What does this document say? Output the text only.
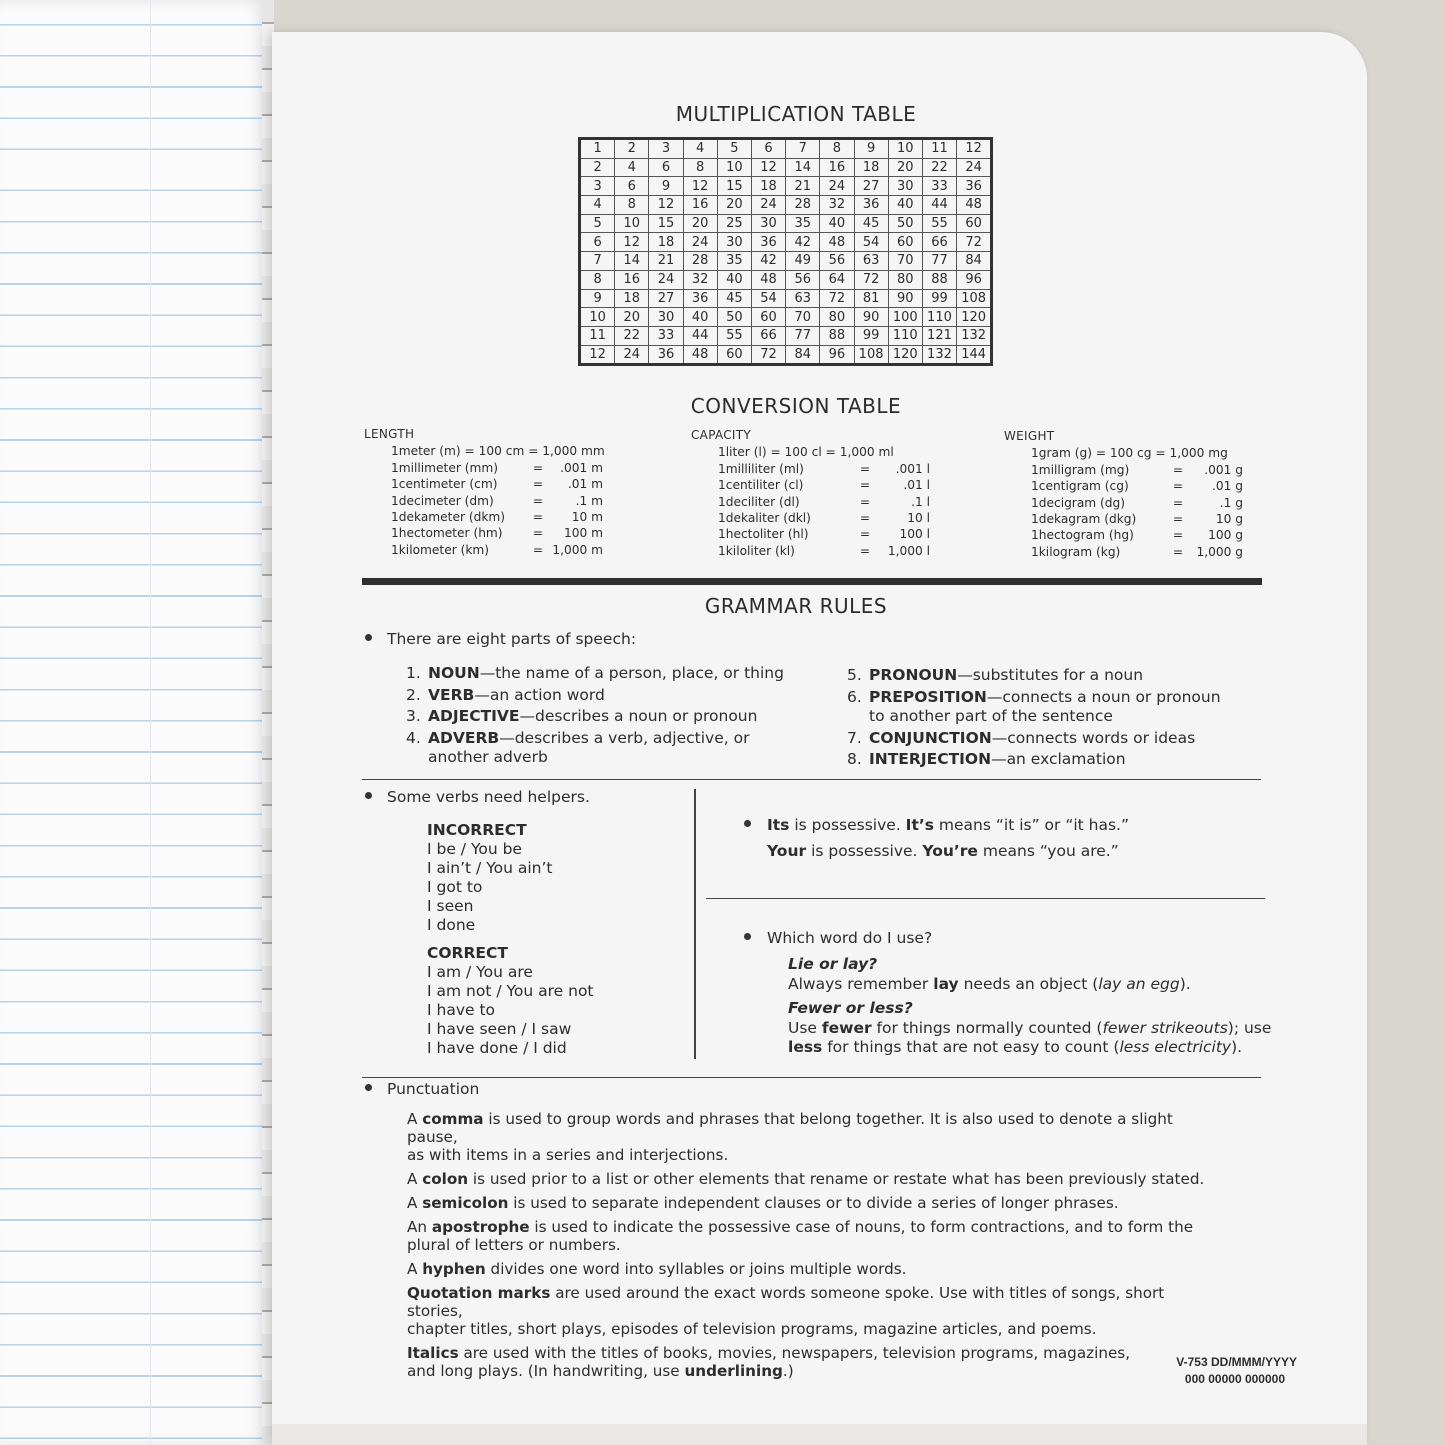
MULTIPLICATION TABLE
1	2	3	4	5	6	7	8	9	10	11	12
2	4	6	8	10	12	14	16	18	20	22	24
3	6	9	12	15	18	21	24	27	30	33	36
4	8	12	16	20	24	28	32	36	40	44	48
5	10	15	20	25	30	35	40	45	50	55	60
6	12	18	24	30	36	42	48	54	60	66	72
7	14	21	28	35	42	49	56	63	70	77	84
8	16	24	32	40	48	56	64	72	80	88	96
9	18	27	36	45	54	63	72	81	90	99	108
10	20	30	40	50	60	70	80	90	100	110	120
11	22	33	44	55	66	77	88	99	110	121	132
12	24	36	48	60	72	84	96	108	120	132	144
CONVERSION TABLE
LENGTH
1meter (m) = 100 cm = 1,000 mm
1millimeter (mm)	=	.001 m
1centimeter (cm)	=	.01 m
1decimeter (dm)	=	.1 m
1dekameter (dkm)	=	10 m
1hectometer (hm)	=	100 m
1kilometer (km)	= 1,000 m
CAPACITY
1liter (l) = 100 cl = 1,000 ml
1milliliter (ml)	=	.001 l
1centiliter (cl)	=	.01 l
1deciliter (dl)	=	.1 l
1dekaliter (dkl)	=	10 l
1hectoliter (hl)	=	100 l
1kiloliter (kl)	=	1,000 l
WEIGHT
1gram (g) = 100 cg = 1,000 mg
1milligram (mg)	=	.001 g
1centigram (cg)	=	.01 g
1decigram (dg)	=	.1 g
1dekagram (dkg)	=	10 g
1hectogram (hg)	=	100 g
1kilogram (kg)	=	1,000 g
GRAMMAR RULES
There are eight parts of speech:
1. NOUN—the name of a person, place, or thing
2. VERB—an action word
3. ADJECTIVE—describes a noun or pronoun
4. ADVERB—describes a verb, adjective, or
another adverb
5. PRONOUN—substitutes for a noun
6. PREPOSITION—connects a noun or pronoun
to another part of the sentence
7. CONJUNCTION—connects words or ideas
8. INTERJECTION—an exclamation
Some verbs need helpers.
INCORRECT
I be / You be
I ain’t / You ain’t
I got to
I seen
I done
CORRECT
I am / You are
I am not / You are not
I have to
I have seen / I saw
I have done / I did
Its is possessive. It’s means “it is” or “it has.”
Your is possessive. You’re means “you are.”
Which word do I use?
Lie or lay?
Always remember lay needs an object (lay an egg).
Fewer or less?
Use fewer for things normally counted (fewer strikeouts); use
less for things that are not easy to count (less electricity).
Punctuation

A comma is used to group words and phrases that belong together. It is also used to denote a slight pause,
as with items in a series and interjections.

A colon is used prior to a list or other elements that rename or restate what has been previously stated.

A semicolon is used to separate independent clauses or to divide a series of longer phrases.

An apostrophe is used to indicate the possessive case of nouns, to form contractions, and to form the
plural of letters or numbers.

A hyphen divides one word into syllables or joins multiple words.

Quotation marks are used around the exact words someone spoke. Use with titles of songs, short stories,
chapter titles, short plays, episodes of television programs, magazine articles, and poems.

Italics are used with the titles of books, movies, newspapers, television programs, magazines,
and long plays. (In handwriting, use underlining.)	V-753 DD/MMM/YYYY
000 00000 000000
